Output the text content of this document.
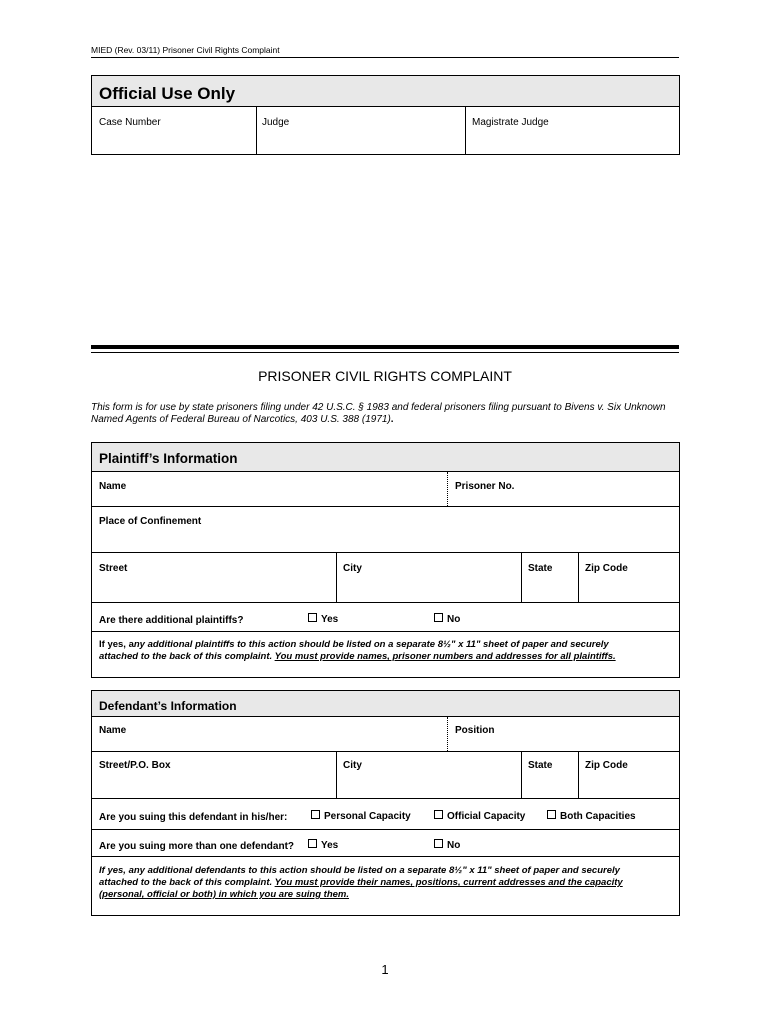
MIED (Rev. 03/11) Prisoner Civil Rights Complaint
Official Use Only
Case Number	Judge	Magistrate Judge
PRISONER CIVIL RIGHTS COMPLAINT
This form is for use by state prisoners filing under 42 U.S.C. § 1983 and federal prisoners filing pursuant to Bivens v. Six Unknown
Named Agents of Federal Bureau of Narcotics, 403 U.S. 388 (1971).
Plaintiff’s Information
Name	Prisoner No.
Place of Confinement
Street	City	State	Zip Code
Are there additional plaintiffs?	Yes	No
If yes, any additional plaintiffs to this action should be listed on a separate 8½" x 11" sheet of paper and securely
attached to the back of this complaint. You must provide names, prisoner numbers and addresses for all plaintiffs.
Defendant’s Information
Name	Position
Street/P.O. Box	City	State	Zip Code
Are you suing this defendant in his/her:	Personal Capacity	Official Capacity	Both Capacities
Are you suing more than one defendant?	Yes	No
If yes, any additional defendants to this action should be listed on a separate 8½" x 11" sheet of paper and securely
attached to the back of this complaint. You must provide their names, positions, current addresses and the capacity
(personal, official or both) in which you are suing them.
1
